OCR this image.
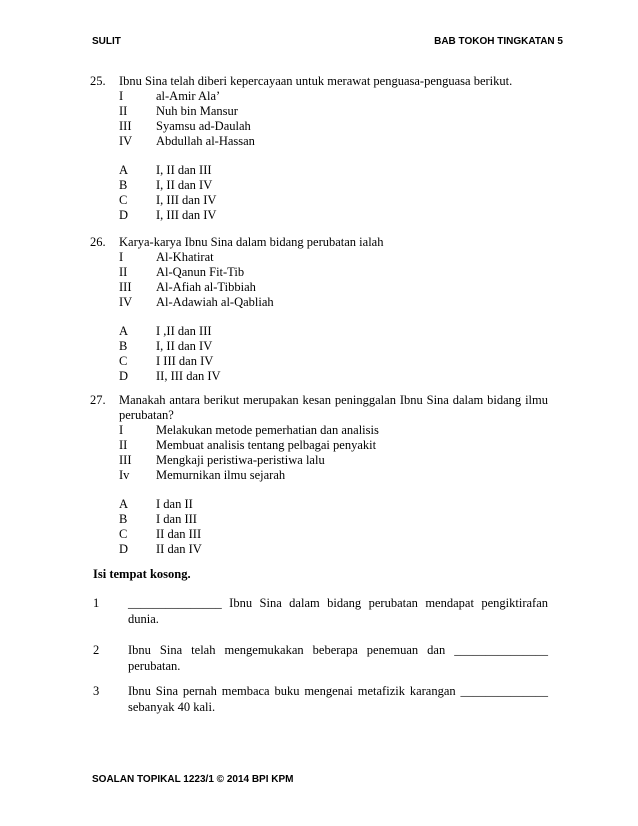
SULIT	BAB TOKOH TINGKATAN 5
25.	Ibnu Sina telah diberi kepercayaan untuk merawat penguasa-penguasa berikut.
I	al-Amir Ala’
II	Nuh bin Mansur
III	Syamsu ad-Daulah
IV	Abdullah al-Hassan
A	I, II dan III
B	I, II dan IV
C	I, III dan IV
D	I, III dan IV
26.	Karya-karya Ibnu Sina dalam bidang perubatan ialah
I	Al-Khatirat
II	Al-Qanun Fit-Tib
III	Al-Afiah al-Tibbiah
IV	Al-Adawiah al-Qabliah
A	I ,II dan III
B	I, II dan IV
C	I III dan IV
D	II, III dan IV
27.	Manakah antara berikut merupakan kesan peninggalan Ibnu Sina dalam bidang ilmu perubatan?
I	Melakukan metode pemerhatian dan analisis
II	Membuat analisis tentang pelbagai penyakit
III	Mengkaji peristiwa-peristiwa lalu
Iv	Memurnikan ilmu sejarah
A	I dan II
B	I dan III
C	II dan III
D	II dan IV
Isi tempat kosong.
1	_______________ Ibnu Sina dalam bidang perubatan mendapat pengiktirafan dunia.
2	Ibnu Sina telah mengemukakan beberapa penemuan dan _______________ perubatan.
3	Ibnu Sina pernah membaca buku mengenai metafizik karangan ______________ sebanyak 40 kali.
SOALAN TOPIKAL 1223/1 © 2014 BPI KPM
